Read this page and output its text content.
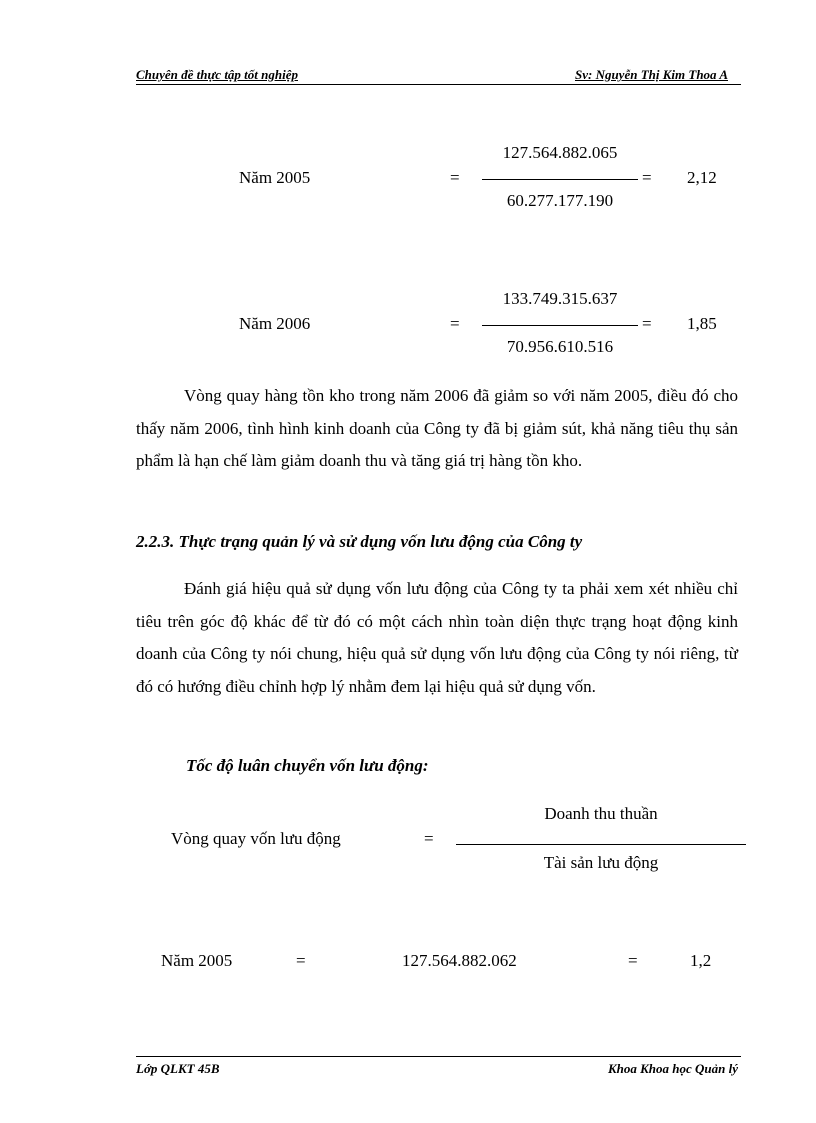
Chuyên đề thực tập tốt nghiệp	Sv: Nguyễn Thị Kim Thoa A
Năm 2005	=
127.564.882.065
60.277.177.190
= 2,12
Năm 2006	=
133.749.315.637
70.956.610.516
= 1,85
Vòng quay hàng tồn kho trong năm 2006 đã giảm so với năm 2005, điều đó cho thấy năm 2006, tình hình kinh doanh của Công ty đã bị giảm sút, khả năng tiêu thụ sản phẩm là hạn chế làm giảm doanh thu và tăng giá trị hàng tồn kho.
2.2.3. Thực trạng quản lý và sử dụng vốn lưu động của Công ty
Đánh giá hiệu quả sử dụng vốn lưu động của Công ty ta phải xem xét nhiều chỉ tiêu trên góc độ khác để từ đó có một cách nhìn toàn diện thực trạng hoạt động kinh doanh của Công ty nói chung, hiệu quả sử dụng vốn lưu động của Công ty nói riêng, từ đó có hướng điều chỉnh hợp lý nhằm đem lại hiệu quả sử dụng vốn.
Tốc độ luân chuyển vốn lưu động:
Vòng quay vốn lưu động	=
Doanh thu thuần
Tài sản lưu động
Năm 2005	=	127.564.882.062	=	1,2
Lớp QLKT 45B	Khoa Khoa học Quản lý
